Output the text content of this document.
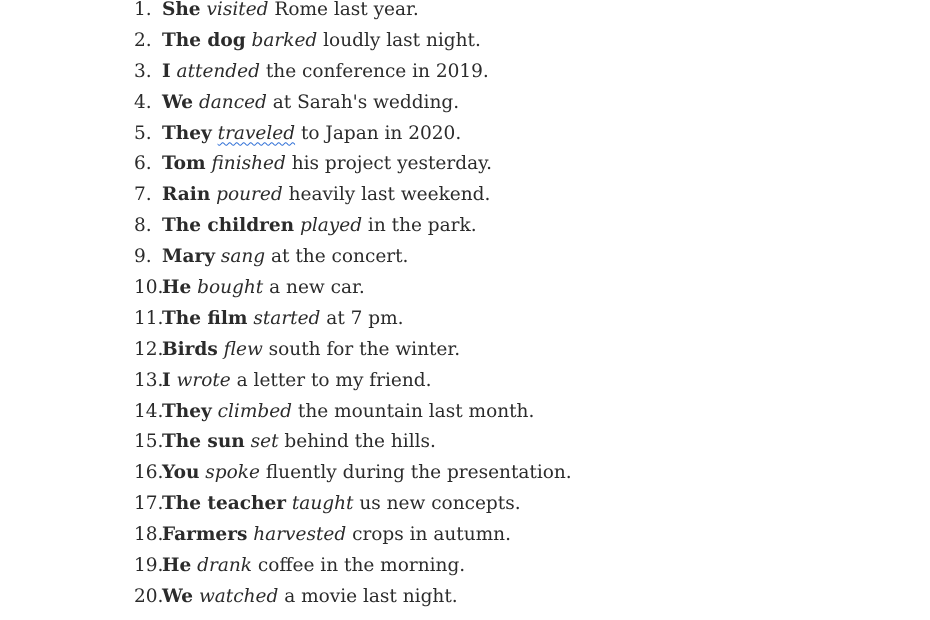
1. She visited Rome last year.
2. The dog barked loudly last night.
3. I attended the conference in 2019.
4. We danced at Sarah's wedding.
5. They traveled to Japan in 2020.
6. Tom finished his project yesterday.
7. Rain poured heavily last weekend.
8. The children played in the park.
9. Mary sang at the concert.
10.
He bought a new car.
11.
The film started at 7 pm.
12.
Birds flew south for the winter.
13.
I wrote a letter to my friend.
14.
They climbed the mountain last month.
15.
The sun set behind the hills.
16.
You spoke fluently during the presentation.
17.
The teacher taught us new concepts.
18.
Farmers harvested crops in autumn.
19.
He drank coffee in the morning.
20.
We watched a movie last night.
